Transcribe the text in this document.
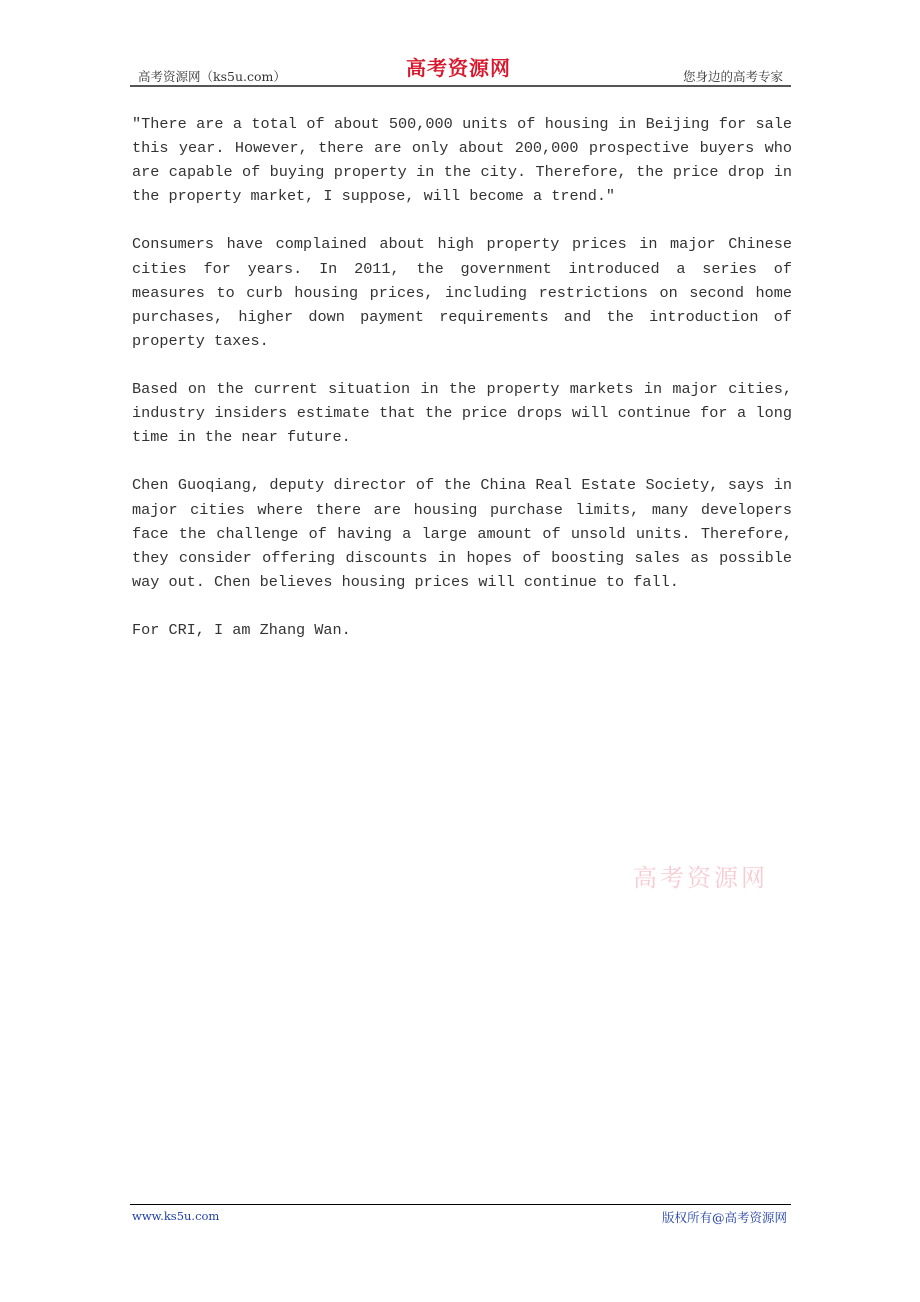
高考资源网（ks5u.com）	高考资源网	您身边的高考专家

"There are a total of about 500,000 units of housing in Beijing for sale this year. However, there are only about 200,000 prospective buyers who are capable of buying property in the city. Therefore, the price drop in the property market, I suppose, will become a trend."

Consumers have complained about high property prices in major Chinese cities for years. In 2011, the government introduced a series of measures to curb housing prices, including restrictions on second home purchases, higher down payment requirements and the introduction of property taxes.

Based on the current situation in the property markets in major cities, industry insiders estimate that the price drops will continue for a long time in the near future.

Chen Guoqiang, deputy director of the China Real Estate Society, says in major cities where there are housing purchase limits, many developers face the challenge of having a large amount of unsold units. Therefore, they consider offering discounts in hopes of boosting sales as possible way out. Chen believes housing prices will continue to fall.

For CRI, I am Zhang Wan.

高考资源网
www.ks5u.com	版权所有@高考资源网
